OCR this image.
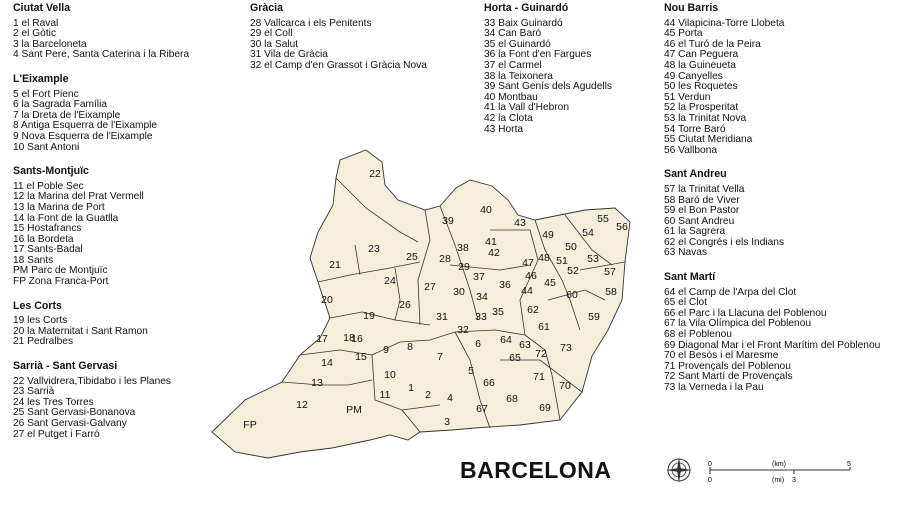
Ciutat Vella
1 el Raval
2 el Gòtic
3 la Barceloneta
4 Sant Pere, Santa Caterina i la Ribera
L'Eixample
5 el Fort Pienc
6 la Sagrada Família
7 la Dreta de l'Eixample
8 Antiga Esquerra de l'Eixample
9 Nova Esquerra de l'Eixample
10 Sant Antoni
Sants-Montjuïc
11 el Poble Sec
12 la Marina del Prat Vermell
13 la Marina de Port
14 la Font de la Guatlla
15 Hostafrancs
16 la Bordeta
17 Sants-Badal
18 Sants
PM Parc de Montjuïc
FP Zona Franca-Port
Les Corts
19 les Corts
20 la Maternitat i Sant Ramon
21 Pedralbes
Sarrià - Sant Gervasi
22 Vallvidrera,Tibidabo i les Planes
23 Sarrià
24 les Tres Torres
25 Sant Gervasi-Bonanova
26 Sant Gervasi-Galvany
27 el Putget i Farró
Gràcia
28 Vallcarca i els Penitents
29 el Coll
30 la Salut
31 Vila de Gràcia
32 el Camp d'en Grassot i Gràcia Nova
Horta - Guinardó
33 Baix Guinardó
34 Can Baró
35 el Guinardó
36 la Font d'en Fargues
37 el Carmel
38 la Teixonera
39 Sant Genís dels Agudells
40 Montbau
41 la Vall d'Hebron
42 la Clota
43 Horta
Nou Barris
44 Vilapicina-Torre Llobeta
45 Porta
46 el Turó de la Peira
47 Can Peguera
48 la Guineueta
49 Canyelles
50 les Roquetes
51 Verdun
52 la Prosperitat
53 la Trinitat Nova
54 Torre Baró
55 Ciutat Meridiana
56 Vallbona
Sant Andreu
57 la Trinitat Vella
58 Baró de Viver
59 el Bon Pastor
60 Sant Andreu
61 la Sagrera
62 el Congrés i els Indians
63 Navas
Sant Martí
64 el Camp de l'Arpa del Clot
65 el Clot
66 el Parc i la Llacuna del Poblenou
67 la Vila Olímpica del Poblenou
68 el Poblenou
69 Diagonal Mar i el Front Marítim del Poblenou
70 el Besòs i el Maresme
71 Provençals del Poblenou
72 Sant Martí de Provençals
73 la Verneda i la Pau
1
2
3
4
5
6
7
8
9
10
11
12
13
14 15
16
17 18
19
20
21
22
23
24
25
26
27
28
29
30
31
32
33
34
35
36
37
38
39
40
41
42
43
44
45
46
47 48
49
50
51
52
53
54
55
56
57
58
59
60
61
62
63
64
65
66
67
68
69
70
71
72 73
PM
FP
BARCELONA	0	(km)	5
0	(mi) 3
